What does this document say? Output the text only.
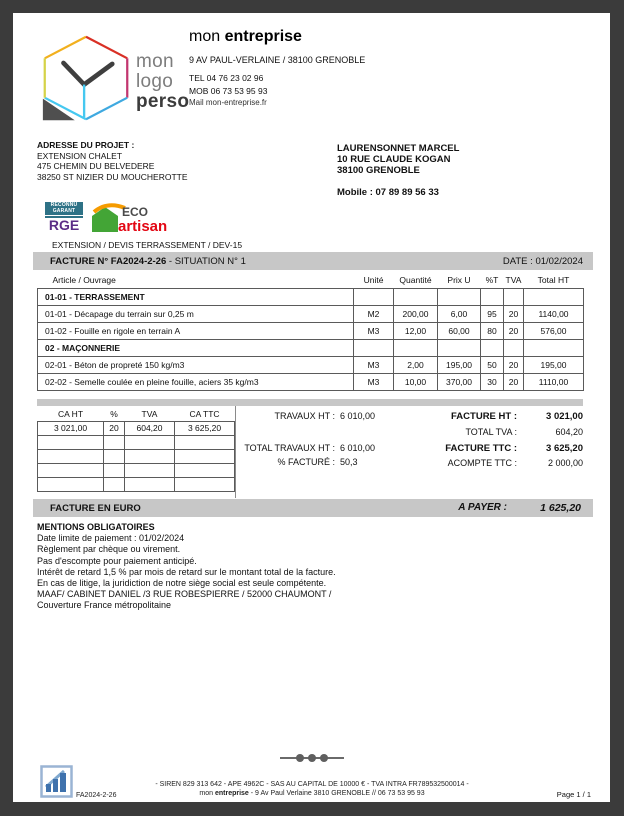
mon
logo
perso
mon entreprise
9 AV PAUL-VERLAINE / 38100 GRENOBLE
TEL 04 76 23 02 96
MOB 06 73 53 95 93
Mail mon-entreprise.fr
ADRESSE DU PROJET :
EXTENSION CHALET
475 CHEMIN DU BELVEDERE
38250 ST NIZIER DU MOUCHEROTTE
LAURENSONNET MARCEL
10 RUE CLAUDE KOGAN
38100 GRENOBLE
Mobile : 07 89 89 56 33
RECONNU
GARANT
RGE
ECO
artisan
EXTENSION / DEVIS TERRASSEMENT / DEV-15
FACTURE N° FA2024-2-26 - SITUATION N° 1	DATE : 01/02/2024
Article / Ouvrage	Unité	Quantité	Prix U	%T	TVA	Total HT
01-01 - TERRASSEMENT						
01-01 - Décapage du terrain sur 0,25 m	M2	200,00	6,00	95	20	1140,00
01-02 - Fouille en rigole en terrain A	M3	12,00	60,00	80	20	576,00
02 - MAÇONNERIE						
02-01 - Béton de propreté 150 kg/m3	M3	2,00	195,00	50	20	195,00
02-02 - Semelle coulée en pleine fouille, aciers 35 kg/m3	M3	10,00	370,00	30	20	1110,00
CA HT	%	TVA	CA TTC
3 021,00	20	604,20	3 625,20

TRAVAUX HT : 6 010,00
TOTAL TRAVAUX HT : 6 010,00
% FACTURÉ : 50,3
FACTURE HT :	3 021,00
TOTAL TVA :	604,20
FACTURE TTC :	3 625,20
ACOMPTE TTC :	2 000,00
FACTURE EN EURO	A PAYER :	1 625,20
MENTIONS OBLIGATOIRES
Date limite de paiement : 01/02/2024
Règlement par chèque ou virement.
Pas d'escompte pour paiement anticipé.
Intérêt de retard 1,5 % par mois de retard sur le montant total de la facture.
En cas de litige, la juridiction de notre siège social est seule compétente.
MAAF/ CABINET DANIEL /3 RUE ROBESPIERRE / 52000 CHAUMONT /
Couverture France métropolitaine
FA2024-2-26
- SIREN 829 313 642 - APE 4962C - SAS AU CAPITAL DE 10000 € - TVA INTRA FR789532500014 -
mon entreprise - 9 Av Paul Verlaine 3810 GRENOBLE // 06 73 53 95 93	Page 1 / 1
